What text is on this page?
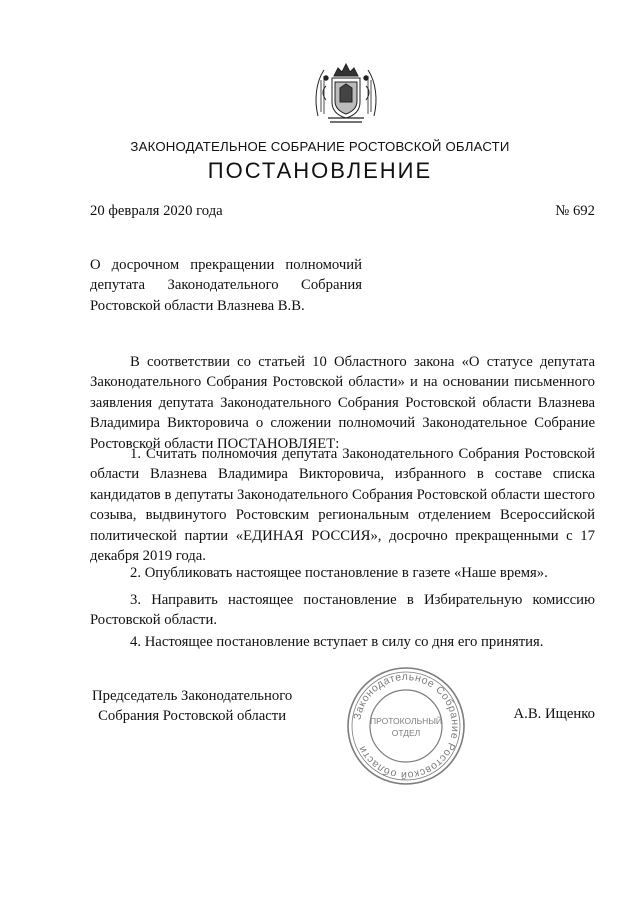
ЗАКОНОДАТЕЛЬНОЕ СОБРАНИЕ РОСТОВСКОЙ ОБЛАСТИ
ПОСТАНОВЛЕНИЕ
20 февраля 2020 года	№ 692
О досрочном прекращении полномочий депутата Законодательного Собрания Ростовской области Влазнева В.В.
В соответствии со статьей 10 Областного закона «О статусе депутата Законодательного Собрания Ростовской области» и на основании письменного заявления депутата Законодательного Собрания Ростовской области Влазнева Владимира Викторовича о сложении полномочий Законодательное Собрание Ростовской области ПОСТАНОВЛЯЕТ:
1. Считать полномочия депутата Законодательного Собрания Ростовской области Влазнева Владимира Викторовича, избранного в составе списка кандидатов в депутаты Законодательного Собрания Ростовской области шестого созыва, выдвинутого Ростовским региональным отделением Всероссийской политической партии «ЕДИНАЯ РОССИЯ», досрочно прекращенными с 17 декабря 2019 года.
2. Опубликовать настоящее постановление в газете «Наше время».
3. Направить настоящее постановление в Избирательную комиссию Ростовской области.
4. Настоящее постановление вступает в силу со дня его принятия.
Председатель Законодательного
Собрания Ростовской области	Законодательное Собрание Ростовской области
ПРОТОКОЛЬНЫЙ
ОТДЕЛ
А.В. Ищенко
